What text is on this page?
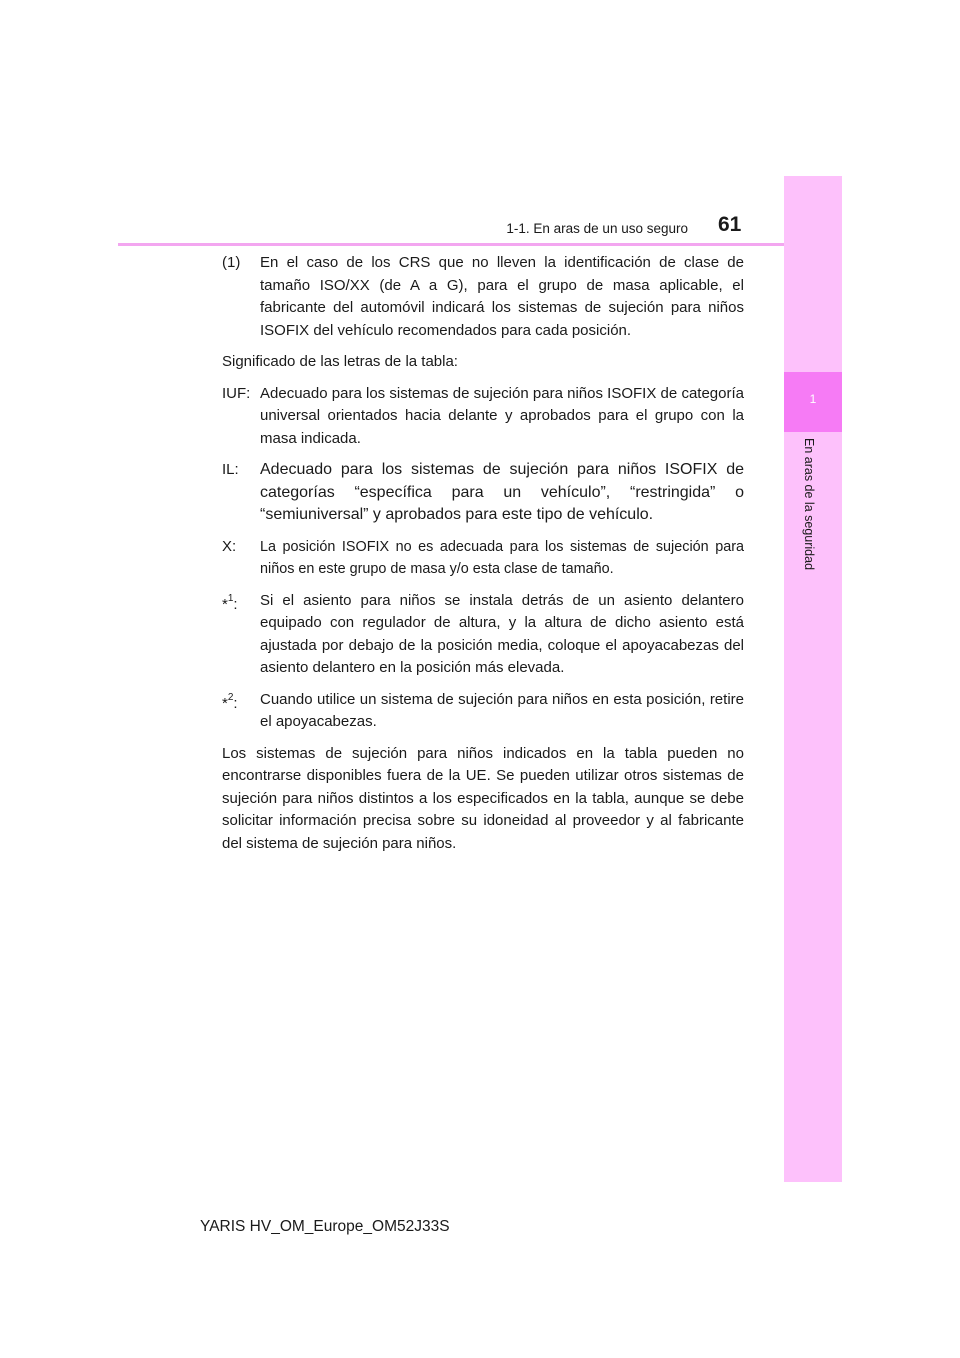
1-1. En aras de un uso seguro 61
1
En aras de la seguridad
(1)	En el caso de los CRS que no lleven la identificación de clase de tamaño ISO/XX (de A a G), para el grupo de masa aplicable, el fabricante del automóvil indicará los sistemas de sujeción para niños ISOFIX del vehículo recomendados para cada posición.
Significado de las letras de la tabla:
IUF: Adecuado para los sistemas de sujeción para niños ISOFIX de categoría universal orientados hacia delante y aprobados para el grupo con la masa indicada.
IL:	Adecuado para los sistemas de sujeción para niños ISOFIX de categorías “específica para un vehículo”, “restringida” o “semiuniversal” y aprobados para este tipo de vehículo.
X:	La posición ISOFIX no es adecuada para los sistemas de sujeción para niños en este grupo de masa y/o esta clase de tamaño.
*$^1$:	Si el asiento para niños se instala detrás de un asiento delantero equipado con regulador de altura, y la altura de dicho asiento está ajustada por debajo de la posición media, coloque el apoyacabezas del asiento delantero en la posición más elevada.
*$^2$:	Cuando utilice un sistema de sujeción para niños en esta posición, retire el apoyacabezas.
Los sistemas de sujeción para niños indicados en la tabla pueden no encontrarse disponibles fuera de la UE. Se pueden utilizar otros sistemas de sujeción para niños distintos a los especificados en la tabla, aunque se debe solicitar información precisa sobre su idoneidad al proveedor y al fabricante del sistema de sujeción para niños.
YARIS HV_OM_Europe_OM52J33S
